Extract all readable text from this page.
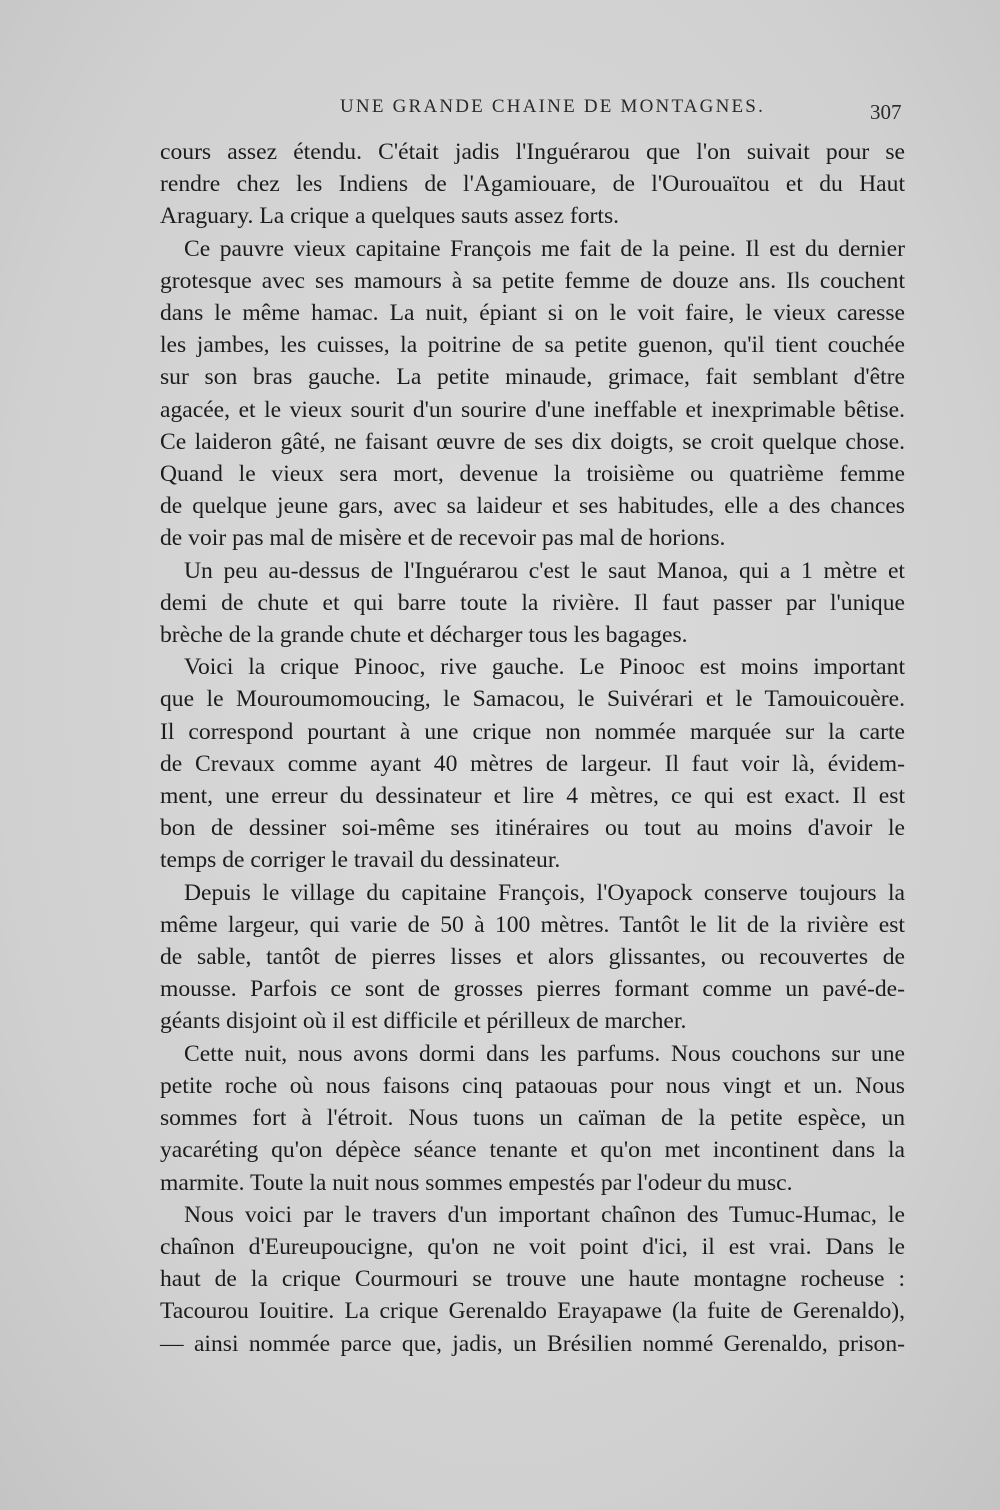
UNE GRANDE CHAINE DE MONTAGNES.	307

cours assez étendu. C'était jadis l'Inguérarou que l'on suivait pour se
rendre chez les Indiens de l'Agamiouare, de l'Ourouaïtou et du Haut
Araguary. La crique a quelques sauts assez forts.

Ce pauvre vieux capitaine François me fait de la peine. Il est du dernier
grotesque avec ses mamours à sa petite femme de douze ans. Ils couchent
dans le même hamac. La nuit, épiant si on le voit faire, le vieux caresse
les jambes, les cuisses, la poitrine de sa petite guenon, qu'il tient couchée
sur son bras gauche. La petite minaude, grimace, fait semblant d'être
agacée, et le vieux sourit d'un sourire d'une ineffable et inexprimable bêtise.
Ce laideron gâté, ne faisant œuvre de ses dix doigts, se croit quelque chose.
Quand le vieux sera mort, devenue la troisième ou quatrième femme
de quelque jeune gars, avec sa laideur et ses habitudes, elle a des chances
de voir pas mal de misère et de recevoir pas mal de horions.

Un peu au-dessus de l'Inguérarou c'est le saut Manoa, qui a 1 mètre et
demi de chute et qui barre toute la rivière. Il faut passer par l'unique
brèche de la grande chute et décharger tous les bagages.

Voici la crique Pinooc, rive gauche. Le Pinooc est moins important
que le Mouroumomoucing, le Samacou, le Suivérari et le Tamouicouère.
Il correspond pourtant à une crique non nommée marquée sur la carte
de Crevaux comme ayant 40 mètres de largeur. Il faut voir là, évidem-
ment, une erreur du dessinateur et lire 4 mètres, ce qui est exact. Il est
bon de dessiner soi-même ses itinéraires ou tout au moins d'avoir le
temps de corriger le travail du dessinateur.

Depuis le village du capitaine François, l'Oyapock conserve toujours la
même largeur, qui varie de 50 à 100 mètres. Tantôt le lit de la rivière est
de sable, tantôt de pierres lisses et alors glissantes, ou recouvertes de
mousse. Parfois ce sont de grosses pierres formant comme un pavé-de-
géants disjoint où il est difficile et périlleux de marcher.

Cette nuit, nous avons dormi dans les parfums. Nous couchons sur une
petite roche où nous faisons cinq pataouas pour nous vingt et un. Nous
sommes fort à l'étroit. Nous tuons un caïman de la petite espèce, un
yacaréting qu'on dépèce séance tenante et qu'on met incontinent dans la
marmite. Toute la nuit nous sommes empestés par l'odeur du musc.

Nous voici par le travers d'un important chaînon des Tumuc-Humac, le
chaînon d'Eureupoucigne, qu'on ne voit point d'ici, il est vrai. Dans le
haut de la crique Courmouri se trouve une haute montagne rocheuse :
Tacourou Iouitire. La crique Gerenaldo Erayapawe (la fuite de Gerenaldo),
— ainsi nommée parce que, jadis, un Brésilien nommé Gerenaldo, prison-
